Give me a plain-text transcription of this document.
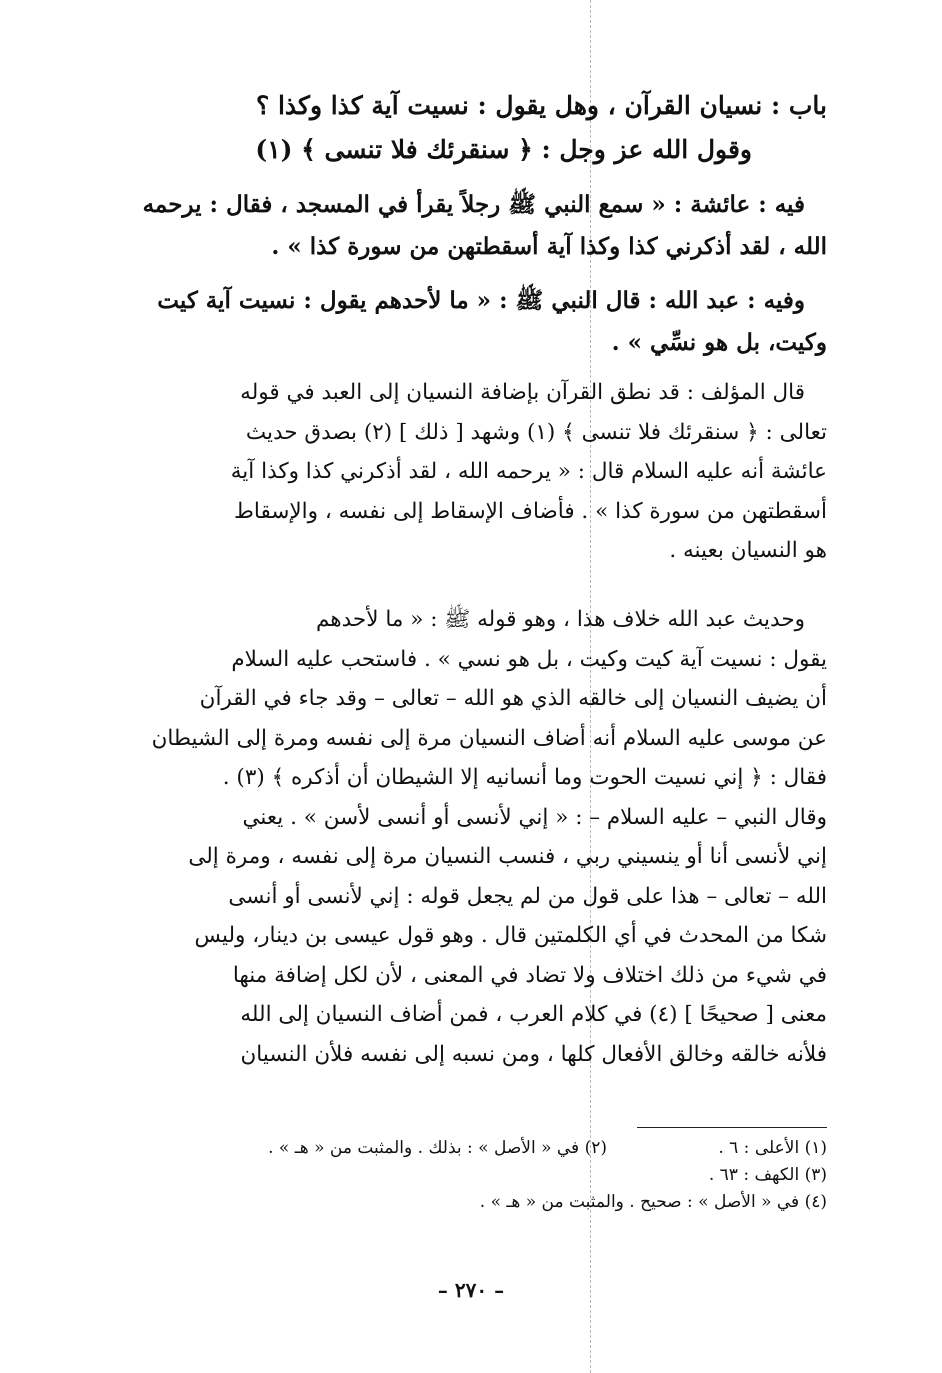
باب : نسيان القرآن ، وهل يقول : نسيت آية كذا وكذا ؟
وقول الله عز وجل : ﴿ سنقرئك فلا تنسى ﴾ (١)
فيه : عائشة : « سمع النبي ﷺ رجلاً يقرأ في المسجد ، فقال : يرحمه
الله ، لقد أذكرني كذا وكذا آية أسقطتهن من سورة كذا » .
وفيه : عبد الله : قال النبي ﷺ : « ما لأحدهم يقول : نسيت آية كيت
وكيت، بل هو نسِّي » .
قال المؤلف : قد نطق القرآن بإضافة النسيان إلى العبد في قوله
تعالى : ﴿ سنقرئك فلا تنسى ﴾ (١) وشهد [ ذلك ] (٢) بصدق حديث
عائشة أنه عليه السلام قال : « يرحمه الله ، لقد أذكرني كذا وكذا آية
أسقطتهن من سورة كذا » . فأضاف الإسقاط إلى نفسه ، والإسقاط
هو النسيان بعينه .
وحديث عبد الله خلاف هذا ، وهو قوله ﷺ : « ما لأحدهم
يقول : نسيت آية كيت وكيت ، بل هو نسي » . فاستحب عليه السلام
أن يضيف النسيان إلى خالقه الذي هو الله – تعالى – وقد جاء في القرآن
عن موسى عليه السلام أنه أضاف النسيان مرة إلى نفسه ومرة إلى الشيطان
فقال : ﴿ إني نسيت الحوت وما أنسانيه إلا الشيطان أن أذكره ﴾ (٣) .
وقال النبي – عليه السلام – : « إني لأنسى أو أنسى لأسن » . يعني
إني لأنسى أنا أو ينسيني ربي ، فنسب النسيان مرة إلى نفسه ، ومرة إلى
الله – تعالى – هذا على قول من لم يجعل قوله : إني لأنسى أو أنسى
شكا من المحدث في أي الكلمتين قال . وهو قول عيسى بن دينار، وليس
في شيء من ذلك اختلاف ولا تضاد في المعنى ، لأن لكل إضافة منها
معنى [ صحيحًا ] (٤) في كلام العرب ، فمن أضاف النسيان إلى الله
فلأنه خالقه وخالق الأفعال كلها ، ومن نسبه إلى نفسه فلأن النسيان
(١) الأعلى : ٦ .
(٢) في « الأصل » : بذلك . والمثبت من « هـ » .
(٣) الكهف : ٦٣ .
(٤) في « الأصل » : صحيح . والمثبت من « هـ » .
– ٢٧٠ –
